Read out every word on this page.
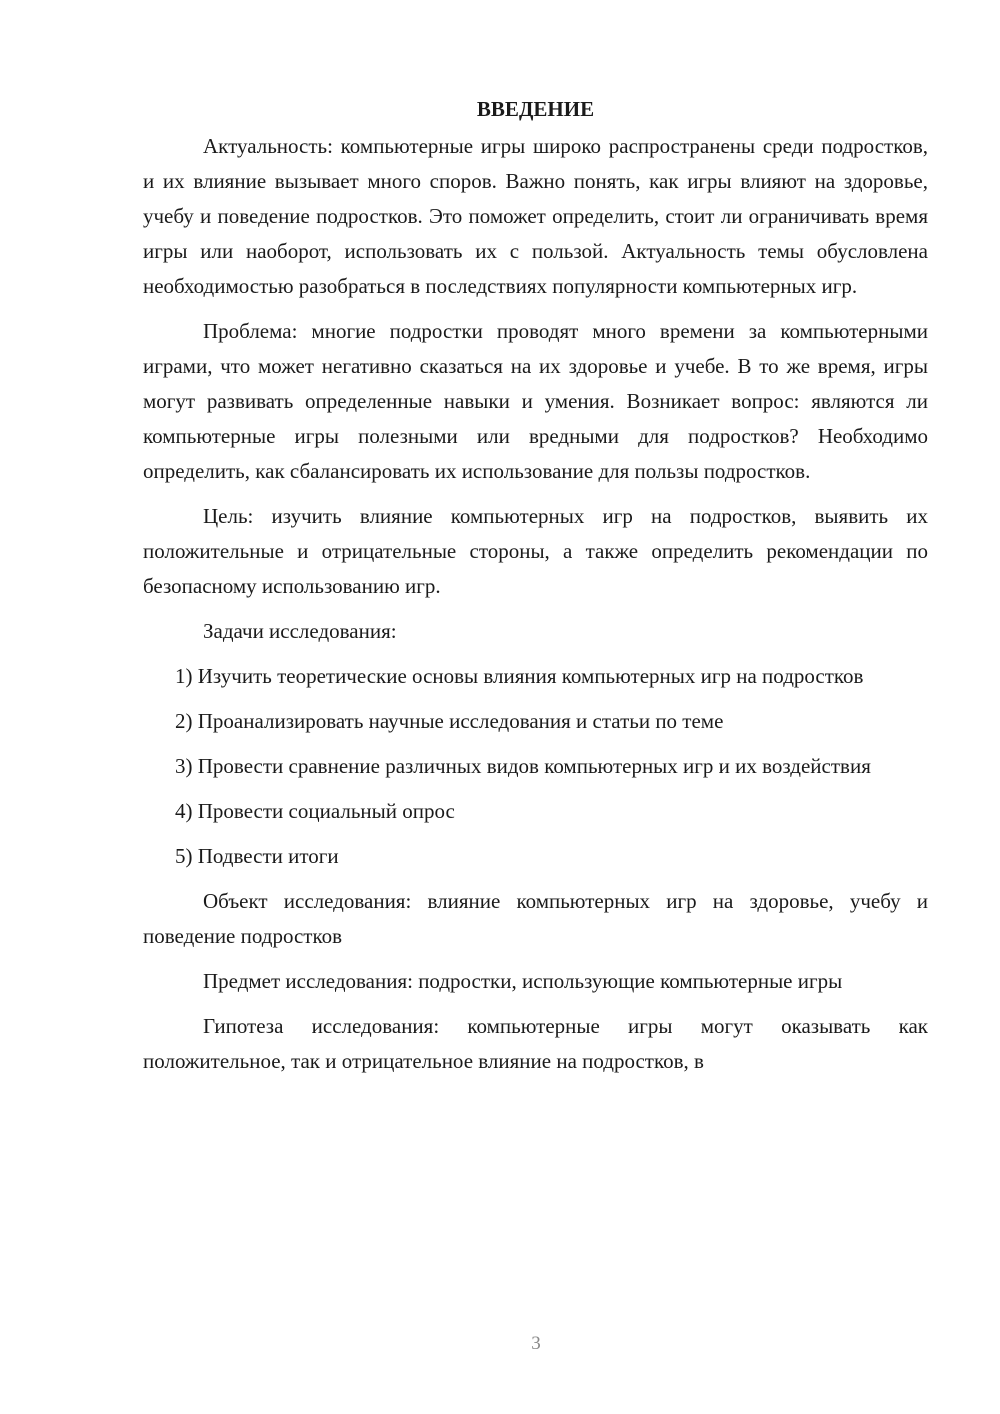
ВВЕДЕНИЕ

Актуальность: компьютерные игры широко распространены среди подростков, и их влияние вызывает много споров. Важно понять, как игры влияют на здоровье, учебу и поведение подростков. Это поможет определить, стоит ли ограничивать время игры или наоборот, использовать их с пользой. Актуальность темы обусловлена необходимостью разобраться в последствиях популярности компьютерных игр.

Проблема: многие подростки проводят много времени за компьютерными играми, что может негативно сказаться на их здоровье и учебе. В то же время, игры могут развивать определенные навыки и умения. Возникает вопрос: являются ли компьютерные игры полезными или вредными для подростков? Необходимо определить, как сбалансировать их использование для пользы подростков.

Цель: изучить влияние компьютерных игр на подростков, выявить их положительные и отрицательные стороны, а также определить рекомендации по безопасному использованию игр.

Задачи исследования:

1) Изучить теоретические основы влияния компьютерных игр на подростков

2) Проанализировать научные исследования и статьи по теме

3) Провести сравнение различных видов компьютерных игр и их воздействия

4) Провести социальный опрос

5) Подвести итоги

Объект исследования: влияние компьютерных игр на здоровье, учебу и поведение подростков

Предмет исследования: подростки, использующие компьютерные игры

Гипотеза исследования: компьютерные игры могут оказывать как положительное, так и отрицательное влияние на подростков, в

3
